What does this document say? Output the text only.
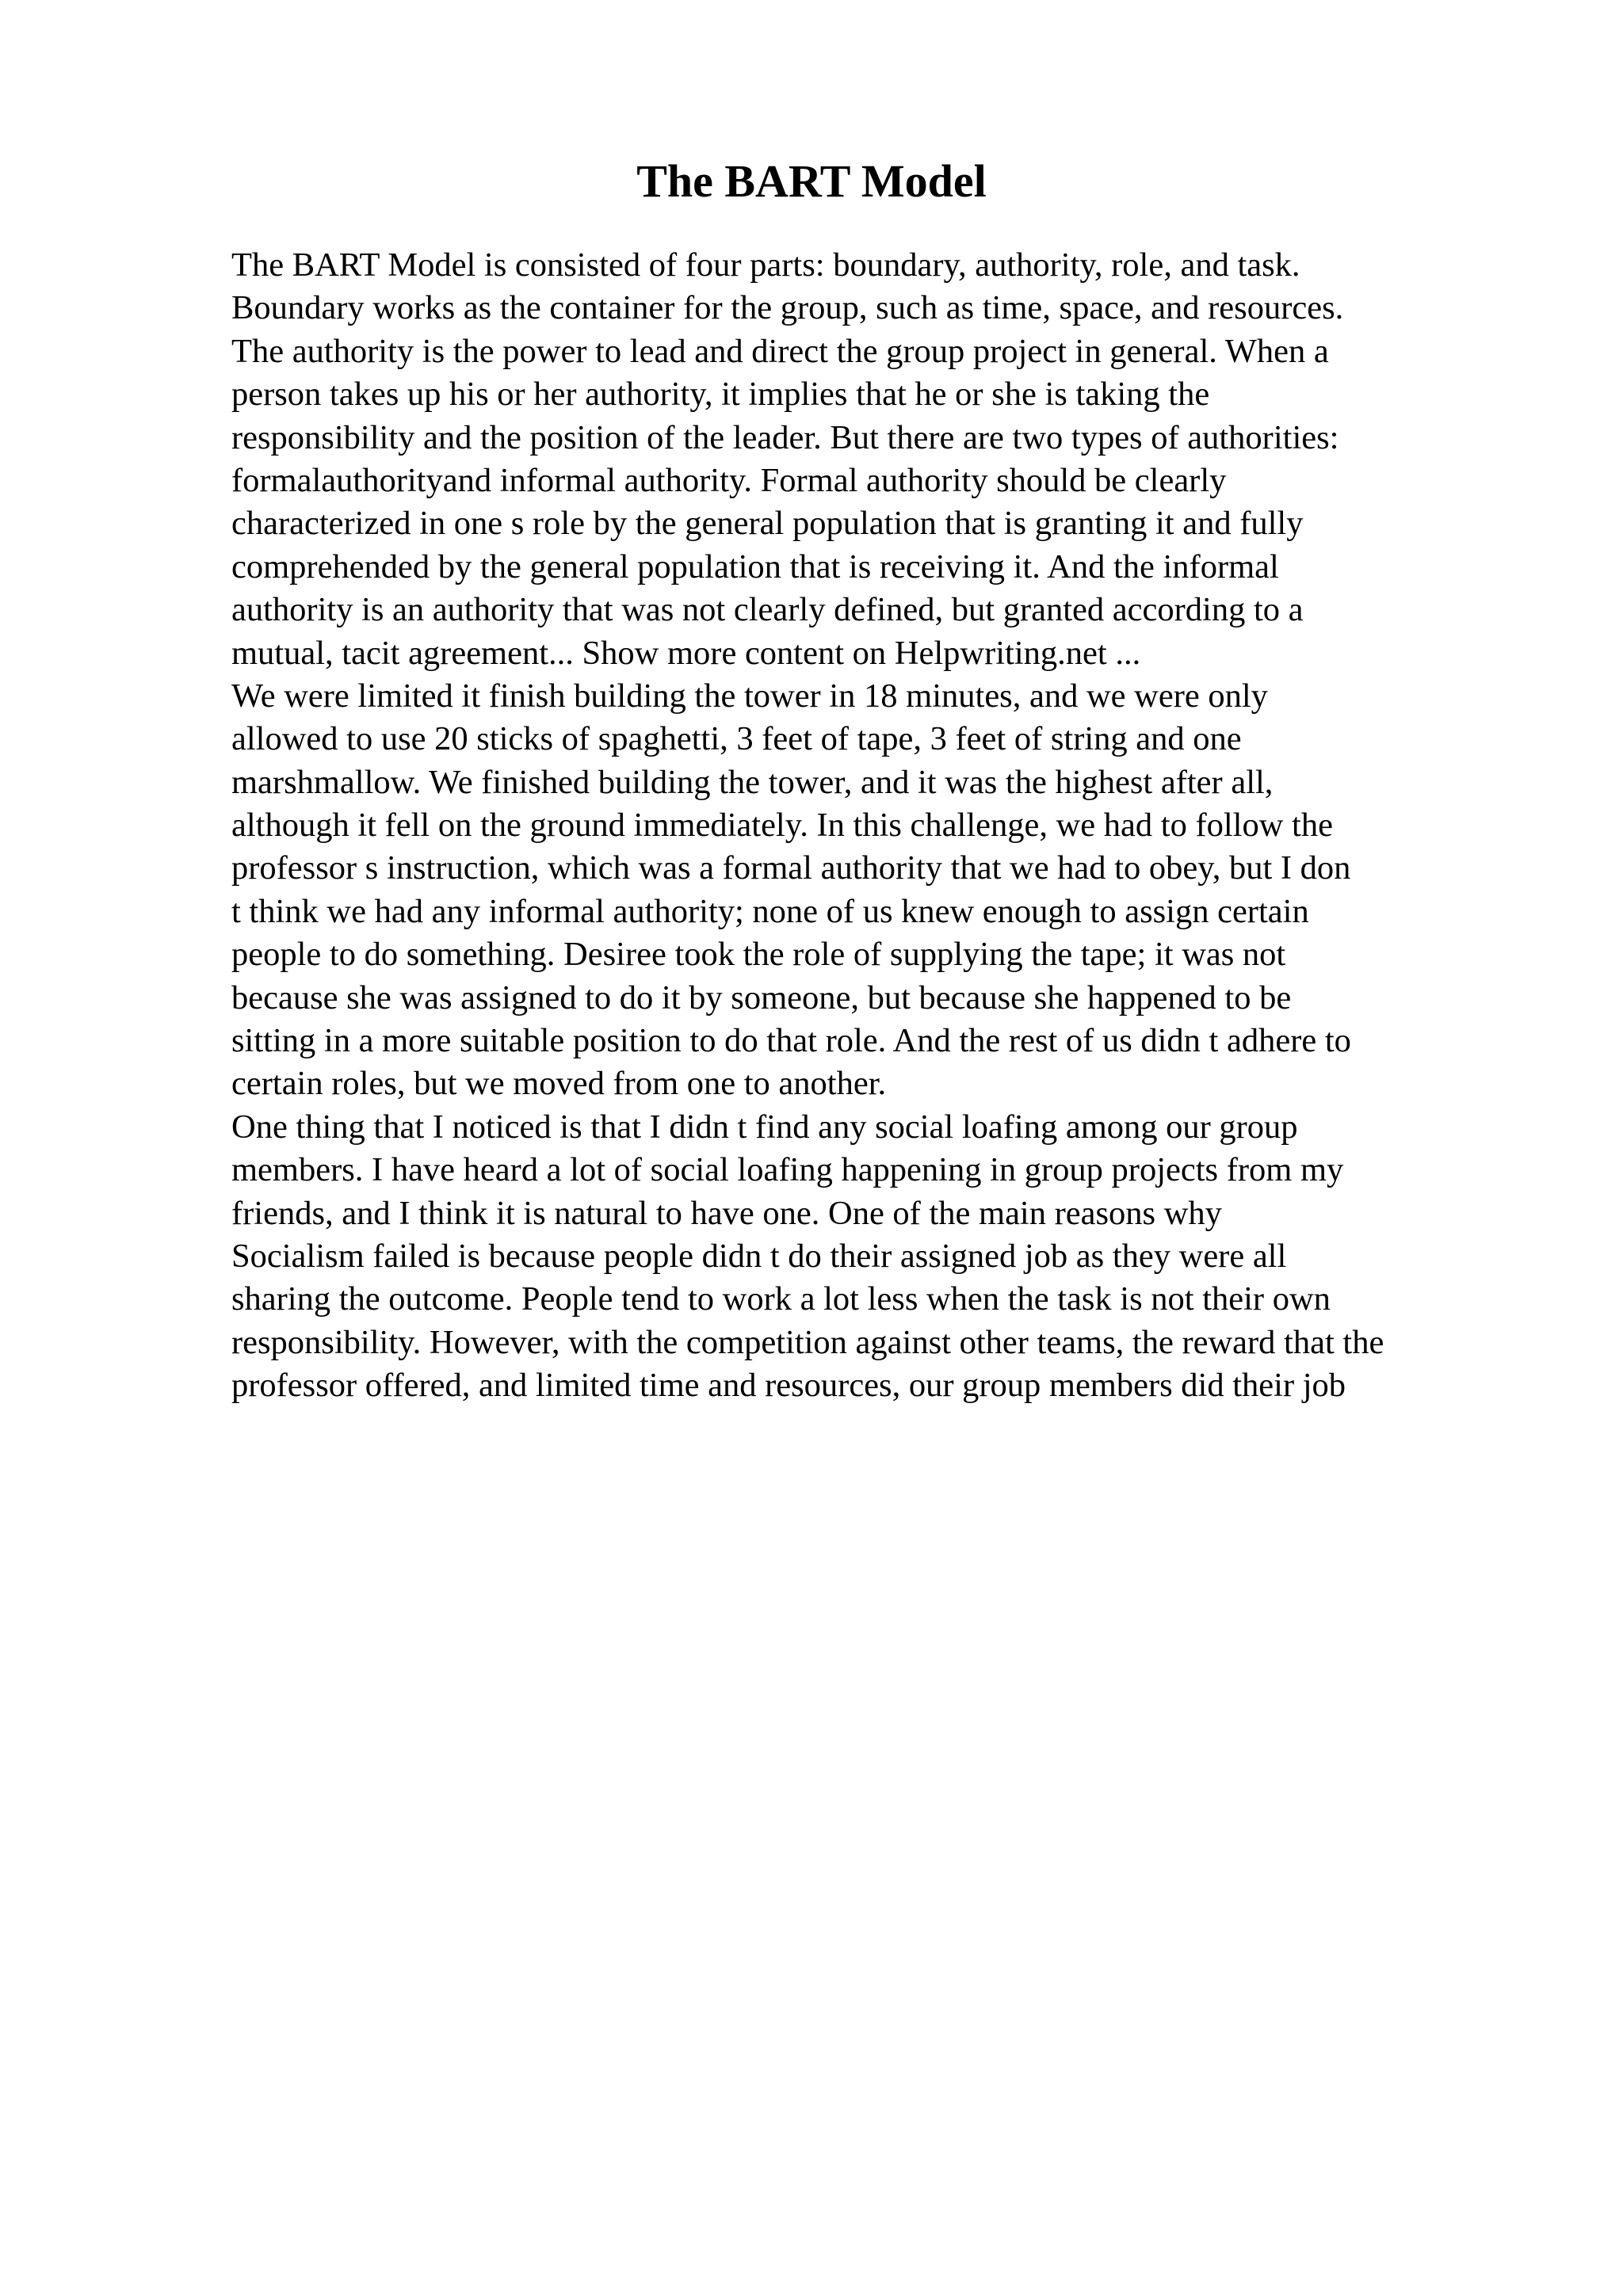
The BART Model
The BART Model is consisted of four parts: boundary, authority, role, and task.
Boundary works as the container for the group, such as time, space, and resources.
The authority is the power to lead and direct the group project in general. When a
person takes up his or her authority, it implies that he or she is taking the
responsibility and the position of the leader. But there are two types of authorities:
formalauthorityand informal authority. Formal authority should be clearly
characterized in one s role by the general population that is granting it and fully
comprehended by the general population that is receiving it. And the informal
authority is an authority that was not clearly defined, but granted according to a
mutual, tacit agreement... Show more content on Helpwriting.net ...
We were limited it finish building the tower in 18 minutes, and we were only
allowed to use 20 sticks of spaghetti, 3 feet of tape, 3 feet of string and one
marshmallow. We finished building the tower, and it was the highest after all,
although it fell on the ground immediately. In this challenge, we had to follow the
professor s instruction, which was a formal authority that we had to obey, but I don
t think we had any informal authority; none of us knew enough to assign certain
people to do something. Desiree took the role of supplying the tape; it was not
because she was assigned to do it by someone, but because she happened to be
sitting in a more suitable position to do that role. And the rest of us didn t adhere to
certain roles, but we moved from one to another.
One thing that I noticed is that I didn t find any social loafing among our group
members. I have heard a lot of social loafing happening in group projects from my
friends, and I think it is natural to have one. One of the main reasons why
Socialism failed is because people didn t do their assigned job as they were all
sharing the outcome. People tend to work a lot less when the task is not their own
responsibility. However, with the competition against other teams, the reward that the
professor offered, and limited time and resources, our group members did their job
